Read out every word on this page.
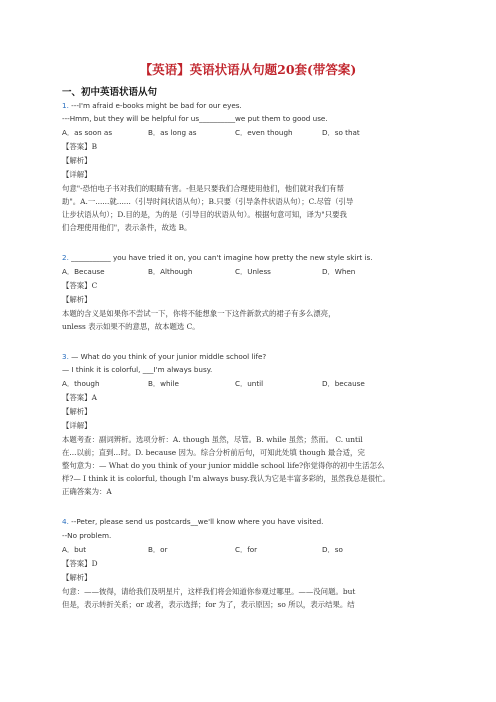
【英语】英语状语从句题20套(带答案)
一、初中英语状语从句
1. ---I'm afraid e-books might be bad for our eyes.
---Hmm, but they will be helpful for us__________we put them to good use.
A．as soon as	B．as long as	C．even though	D．so that
【答案】B
【解析】
【详解】
句意"-恐怕电子书对我们的眼睛有害。-但是只要我们合理使用他们，他们就对我们有帮
助"。A.一......就......（引导时间状语从句）；B.只要（引导条件状语从句）；C.尽管（引导
让步状语从句）；D.目的是，为的是（引导目的状语从句）。根据句意可知，译为"只要我
们合理使用他们"，表示条件，故选 B。
2. ___________ you have tried it on, you can't imagine how pretty the new style skirt is.
A．Because	B．Although	C．Unless	D．When
【答案】C
【解析】
本题的含义是如果你不尝试一下，你将不能想象一下这件新款式的裙子有多么漂亮，
unless 表示如果不的意思，故本题选 C。
3. — What do you think of your junior middle school life?
— I think it is colorful, ___I'm always busy.
A．though	B．while	C．until	D．because
【答案】A
【解析】
【详解】
本题考查：副词辨析。选项分析：A. though 虽然，尽管。B. while 虽然；然而。 C. until
在...以前；直到...时。D. because 因为。综合分析前后句，可知此处填 though 最合适，完
整句意为：— What do you think of your junior middle school life?你觉得你的初中生活怎么
样?— I think it is colorful, though I'm always busy.我认为它是丰富多彩的，虽然我总是很忙。
正确答案为：A
4. --Peter, please send us postcards__we'll know where you have visited.
--No problem.
A．but	B．or	C．for	D．so
【答案】D
【解析】
句意：——彼得，请给我们及明星片，这样我们将会知道你参观过哪里。——没问题。but
但是，表示转折关系；or 或者，表示选择；for 为了，表示原因；so 所以，表示结果。结
